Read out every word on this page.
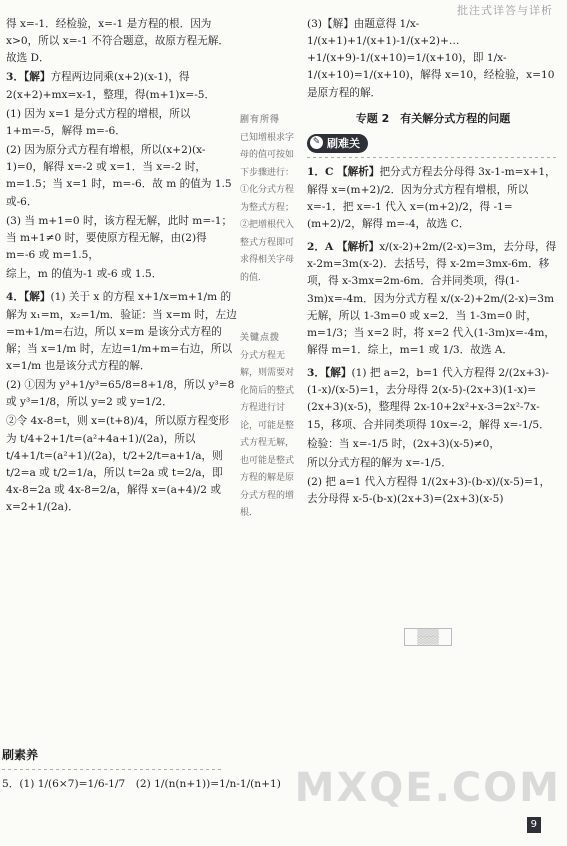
批注式详答与详析

得 x=-1．经检验，x=-1 是方程的根．因为 x>0，所以 x=-1 不符合题意，故原方程无解．故选 D．

3．【解】方程两边同乘(x+2)(x-1)，得 2(x+2)+mx=x-1，整理，得(m+1)x=-5．

(1) 因为 x=1 是分式方程的增根，所以 1+m=-5，解得 m=-6．

(2) 因为原分式方程有增根，所以(x+2)(x-1)=0，解得 x=-2 或 x=1．当 x=-2 时，m=1.5；当 x=1 时，m=-6．故 m 的值为 1.5 或-6．

(3) 当 m+1=0 时，该方程无解，此时 m=-1；当 m+1≠0 时，要使原方程无解，由(2)得 m=-6 或 m=1.5，

综上，m 的值为-1 或-6 或 1.5．

4．【解】(1) 关于 x 的方程 x+1/x=m+1/m 的解为 x₁=m，x₂=1/m．验证：当 x=m 时，左边=m+1/m=右边，所以 x=m 是该分式方程的解；当 x=1/m 时，左边=1/m+m=右边，所以 x=1/m 也是该分式方程的解．

(2) ①因为 y³+1/y³=65/8=8+1/8，所以 y³=8 或 y³=1/8，所以 y=2 或 y=1/2．

②令 4x-8=t，则 x=(t+8)/4，所以原方程变形为 t/4+2+1/t=(a²+4a+1)/(2a)，所以 t/4+1/t=(a²+1)/(2a)，t/2+2/t=a+1/a，则 t/2=a 或 t/2=1/a，所以 t=2a 或 t=2/a，即 4x-8=2a 或 4x-8=2/a，解得 x=(a+4)/2 或 x=2+1/(2a)．

剧有所得
已知增根求字母的值可按如下步骤进行：①化分式方程为整式方程；②把增根代入整式方程即可求得相关字母的值．
关键点拨
分式方程无解，则需要对化简后的整式方程进行讨论，可能是整式方程无解，也可能是整式方程的解是原分式方程的增根．
刷素养
5．(1) 1/(6×7)=1/6-1/7　(2) 1/(n(n+1))=1/n-1/(n+1)

(3)【解】由题意得 1/x-1/(x+1)+1/(x+1)-1/(x+2)+…+1/(x+9)-1/(x+10)=1/(x+10)，即 1/x-1/(x+10)=1/(x+10)，解得 x=10，经检验，x=10 是原方程的解．

专题 2　有关解分式方程的问题
✎ 刷难关

1．C 【解析】把分式方程去分母得 3x-1-m=x+1，解得 x=(m+2)/2．因为分式方程有增根，所以 x=-1．把 x=-1 代入 x=(m+2)/2，得 -1=(m+2)/2，解得 m=-4，故选 C．

2．A 【解析】x/(x-2)+2m/(2-x)=3m，去分母，得 x-2m=3m(x-2)．去括号，得 x-2m=3mx-6m．移项，得 x-3mx=2m-6m．合并同类项，得(1-3m)x=-4m．因为分式方程 x/(x-2)+2m/(2-x)=3m 无解，所以 1-3m=0 或 x=2．当 1-3m=0 时，m=1/3；当 x=2 时，将 x=2 代入(1-3m)x=-4m，解得 m=1．综上，m=1 或 1/3．故选 A．

3．【解】(1) 把 a=2，b=1 代入方程得 2/(2x+3)-(1-x)/(x-5)=1，去分母得 2(x-5)-(2x+3)(1-x)=(2x+3)(x-5)，整理得 2x-10+2x²+x-3=2x²-7x-15，移项、合并同类项得 10x=-2，解得 x=-1/5．

检验：当 x=-1/5 时，(2x+3)(x-5)≠0，

所以分式方程的解为 x=-1/5．

(2) 把 a=1 代入方程得 1/(2x+3)-(b-x)/(x-5)=1，去分母得 x-5-(b-x)(2x+3)=(2x+3)(x-5)

▒▒▒▒
▒▒▒▒
MXQE.COM
9
